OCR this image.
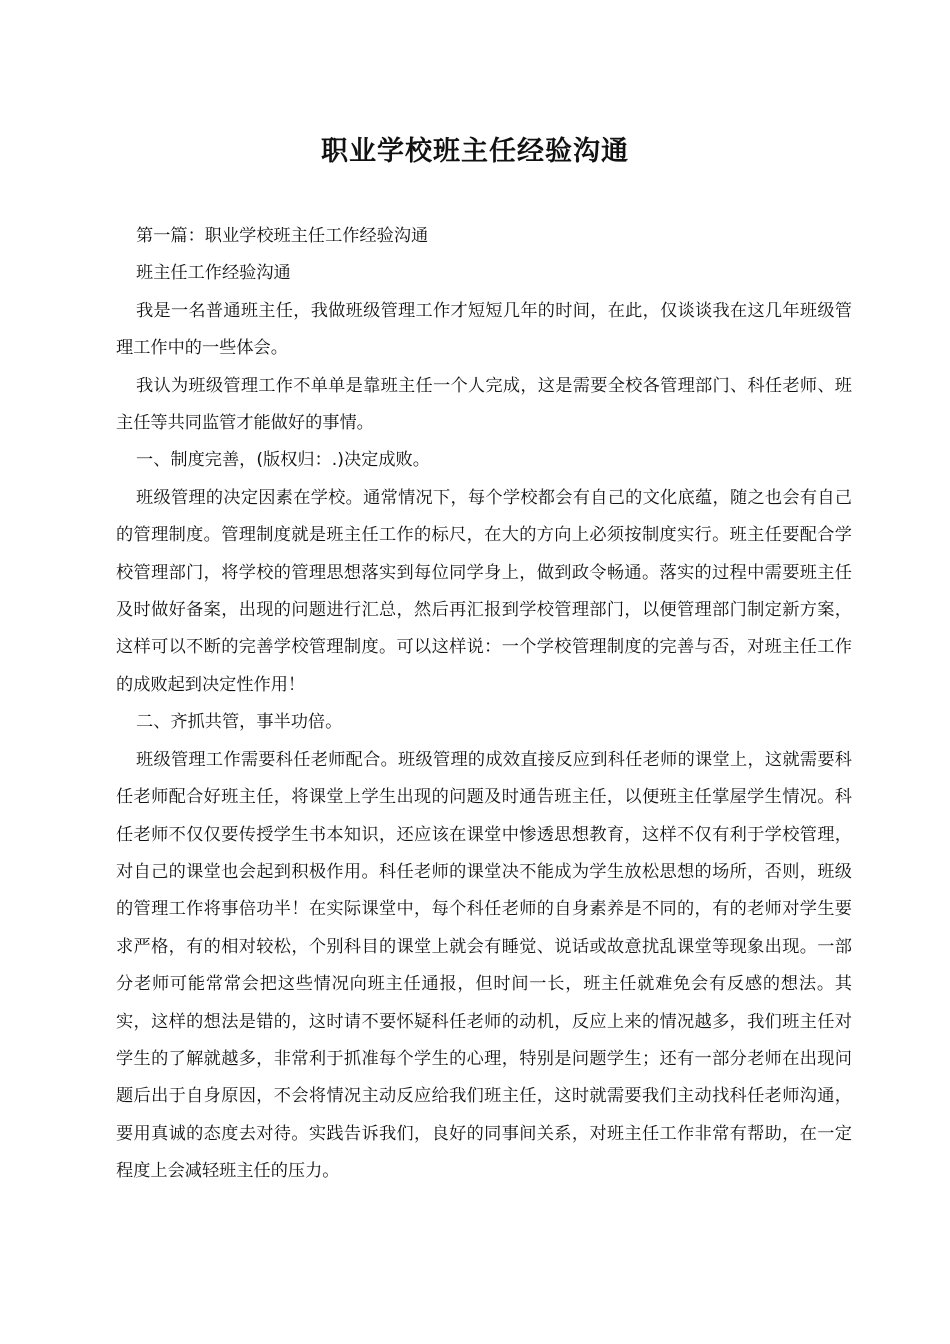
职业学校班主任经验沟通

第一篇：职业学校班主任工作经验沟通

班主任工作经验沟通

我是一名普通班主任，我做班级管理工作才短短几年的时间，在此，仅谈谈我在这几年班级管理工作中的一些体会。

我认为班级管理工作不单单是靠班主任一个人完成，这是需要全校各管理部门、科任老师、班主任等共同监管才能做好的事情。

一、制度完善，(版权归：.)决定成败。

班级管理的决定因素在学校。通常情况下，每个学校都会有自己的文化底蕴，随之也会有自己的管理制度。管理制度就是班主任工作的标尺，在大的方向上必须按制度实行。班主任要配合学校管理部门，将学校的管理思想落实到每位同学身上，做到政令畅通。落实的过程中需要班主任及时做好备案，出现的问题进行汇总，然后再汇报到学校管理部门，以便管理部门制定新方案，这样可以不断的完善学校管理制度。可以这样说：一个学校管理制度的完善与否，对班主任工作的成败起到决定性作用！

二、齐抓共管，事半功倍。

班级管理工作需要科任老师配合。班级管理的成效直接反应到科任老师的课堂上，这就需要科任老师配合好班主任，将课堂上学生出现的问题及时通告班主任，以便班主任掌屋学生情况。科任老师不仅仅要传授学生书本知识，还应该在课堂中惨透思想教育，这样不仅有利于学校管理，对自己的课堂也会起到积极作用。科任老师的课堂决不能成为学生放松思想的场所，否则，班级的管理工作将事倍功半！在实际课堂中，每个科任老师的自身素养是不同的，有的老师对学生要求严格，有的相对较松，个别科目的课堂上就会有睡觉、说话或故意扰乱课堂等现象出现。一部分老师可能常常会把这些情况向班主任通报，但时间一长，班主任就难免会有反感的想法。其实，这样的想法是错的，这时请不要怀疑科任老师的动机，反应上来的情况越多，我们班主任对学生的了解就越多，非常利于抓准每个学生的心理，特别是问题学生；还有一部分老师在出现问题后出于自身原因，不会将情况主动反应给我们班主任，这时就需要我们主动找科任老师沟通，要用真诚的态度去对待。实践告诉我们，良好的同事间关系，对班主任工作非常有帮助，在一定程度上会减轻班主任的压力。
